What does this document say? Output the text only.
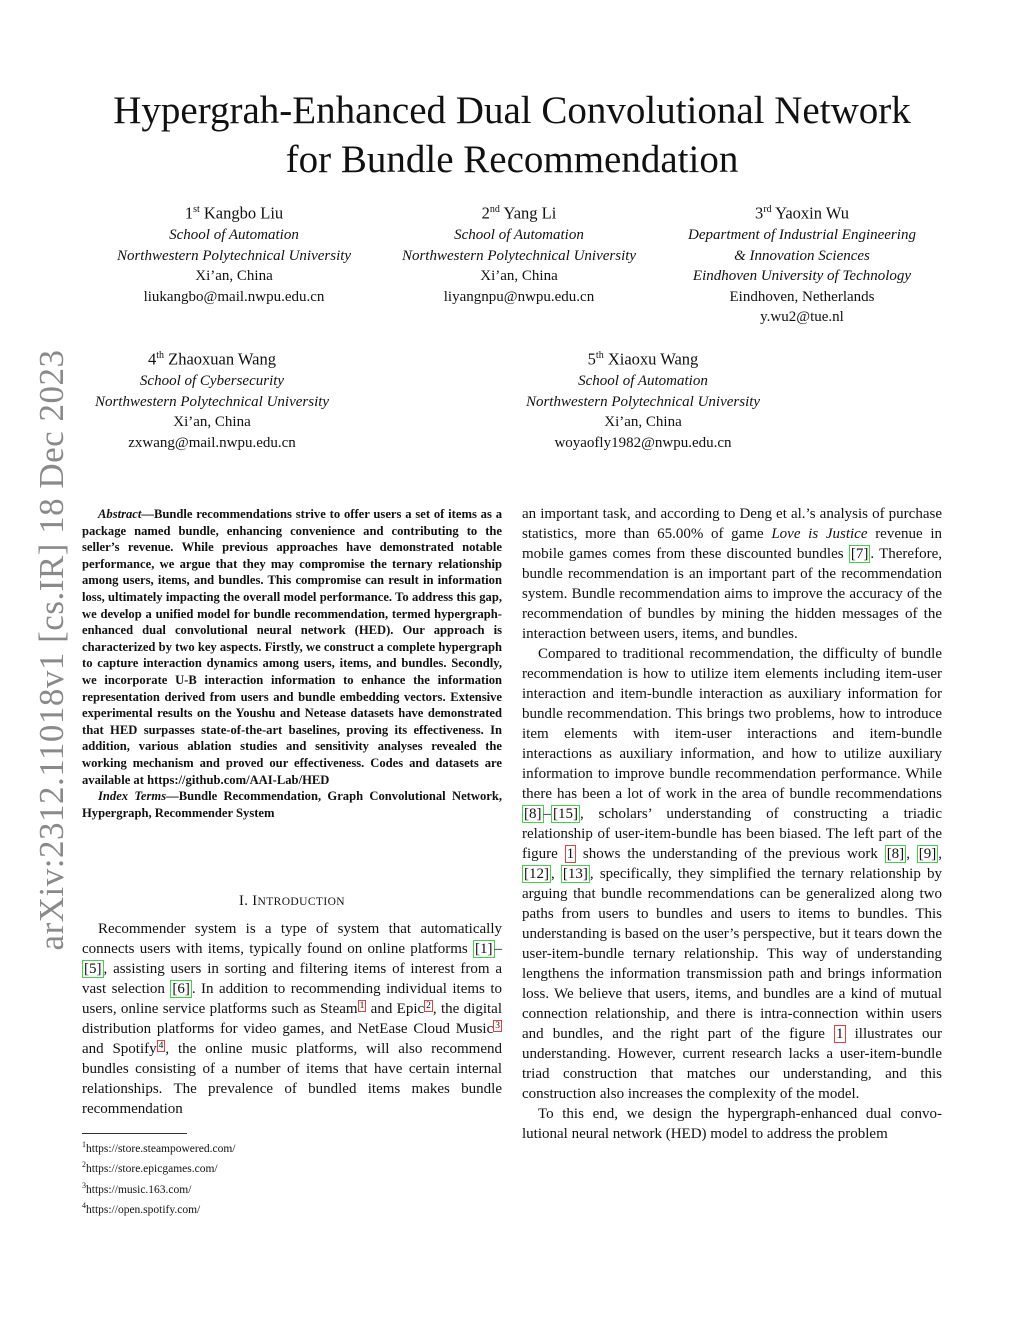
arXiv:2312.11018v1 [cs.IR] 18 Dec 2023
Hypergrah-Enhanced Dual Convolutional Network
for Bundle Recommendation
1st Kangbo Liu
School of Automation
Northwestern Polytechnical University
Xi’an, China
liukangbo@mail.nwpu.edu.cn
2nd Yang Li
School of Automation
Northwestern Polytechnical University
Xi’an, China
liyangnpu@nwpu.edu.cn
3rd Yaoxin Wu
Department of Industrial Engineering
& Innovation Sciences
Eindhoven University of Technology
Eindhoven, Netherlands
y.wu2@tue.nl
4th Zhaoxuan Wang
School of Cybersecurity
Northwestern Polytechnical University
Xi’an, China
zxwang@mail.nwpu.edu.cn
5th Xiaoxu Wang
School of Automation
Northwestern Polytechnical University
Xi’an, China
woyaofly1982@nwpu.edu.cn

Abstract—Bundle recommendations strive to offer users a set of items as a package named bundle, enhancing convenience and contributing to the seller’s revenue. While previous approaches have demonstrated notable performance, we argue that they may compromise the ternary relationship among users, items, and bundles. This compromise can result in information loss, ultimately impacting the overall model performance. To address this gap, we develop a unified model for bundle recommendation, termed hypergraph-enhanced dual convolutional neural network (HED). Our approach is characterized by two key aspects. Firstly, we construct a complete hypergraph to capture interaction dynamics among users, items, and bundles. Secondly, we incorporate U-B interaction information to enhance the information representation derived from users and bundle embedding vectors. Extensive experimental results on the Youshu and Netease datasets have demonstrated that HED surpasses state-of-the-art baselines, proving its effectiveness. In addition, various ablation studies and sensitivity analyses revealed the working mechanism and proved our effectiveness. Codes and datasets are available at https://github.com/AAI-Lab/HED

Index Terms—Bundle Recommendation, Graph Convolutional Network, Hypergraph, Recommender System

I. INTRODUCTION

Recommender system is a type of system that automatically connects users with items, typically found on online platforms [1] –[5] , assisting users in sorting and filtering items of interest from a vast selection [6] . In addition to recommending individual items to users, online service platforms such as Steam $^1$ and Epic $^2$ , the digital distribution platforms for video games, and NetEase Cloud Music $^3$ and Spotify $^4$ , the online music platforms, will also recommend bundles consisting of a number of items that have certain internal relationships. The prevalence of bundled items makes bundle recommendation

$^1$https://store.steampowered.com/
$^2$https://store.epicgames.com/
$^3$https://music.163.com/
$^4$https://open.spotify.com/

an important task, and according to Deng et al.’s analysis of purchase statistics, more than 65.00% of game Love is Justice revenue in mobile games comes from these discounted bundles [7] . Therefore, bundle recommendation is an important part of the recommendation system. Bundle recommendation aims to improve the accuracy of the recommendation of bundles by mining the hidden messages of the interaction between users, items, and bundles.

Compared to traditional recommendation, the difficulty of bundle recommendation is how to utilize item elements including item-user interaction and item-bundle interaction as auxiliary information for bundle recommendation. This brings two problems, how to introduce item elements with item-user interactions and item-bundle interactions as auxiliary information, and how to utilize auxiliary information to improve bundle recommendation performance. While there has been a lot of work in the area of bundle recommendations [8] – [15] , scholars’ understanding of constructing a triadic relationship of user-item-bundle has been biased. The left part of the figure 1 shows the understanding of the previous work [8] , [9] , [12] , [13] , specifically, they simplified the ternary relationship by arguing that bundle recommendations can be generalized along two paths from users to bundles and users to items to bundles. This understanding is based on the user’s perspective, but it tears down the user-item-bundle ternary relationship. This way of understanding lengthens the information transmission path and brings information loss. We believe that users, items, and bundles are a kind of mutual connection relationship, and there is intra-connection within users and bundles, and the right part of the figure 1 illustrates our understanding. However, current research lacks a user-item-bundle triad construction that matches our understanding, and this construction also increases the complexity of the model.

To this end, we design the hypergraph-enhanced dual convolutional neural network (HED) model to address the problem
